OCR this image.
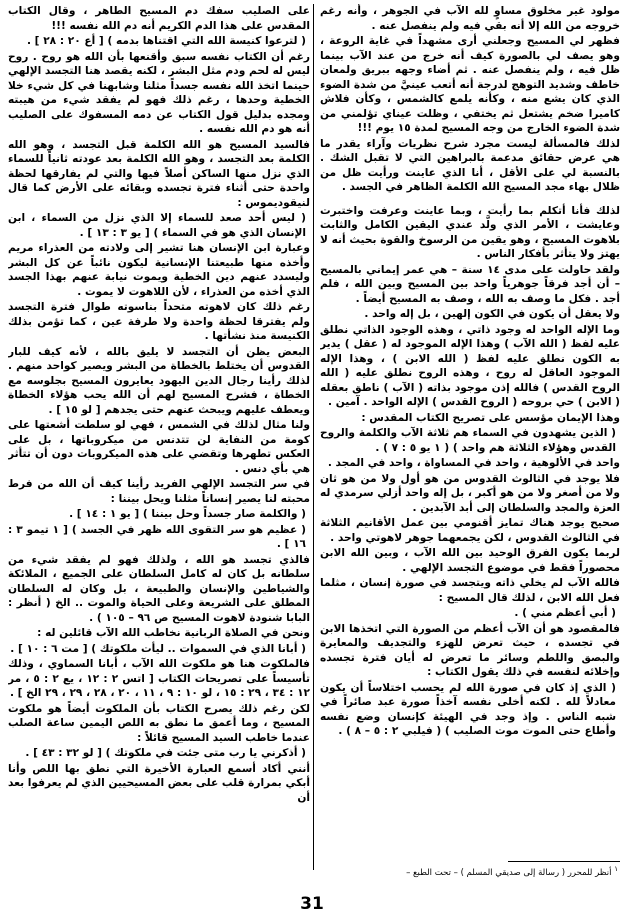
مولود غير مخلوق مساوٍ لله الآب في الجوهر ، وأنه رغم خروجه من الله إلا أنه بقي فيه ولم ينفصل عنه .

فظهر لي المسيح وجعلني أرى مشهداً في غاية الروعة ، وهو يصف لي بالصورة كيف أنه خرج من عند الآب بينما ظل فيه ، ولم ينفصل عنه . ثم أضاء وجهه ببريق ولمعان خاطف وشديد التوهج لدرجة أنه أتعب عينيَّ من شدة الضوء الذي كان يشع منه ، وكأنه يلمع كالشمس ، وكأن فلاش كاميرا ضخم يشتعل ثم يختفي ، وظلت عيناي تؤلمني من شدة الضوء الخارج من وجه المسيح لمدة ١٥ يوم !!!

لذلك فالمسألة ليست مجرد شرح نظريات وآراء يقدر ما هي عرض حقائق مدعمة بالبراهين التي لا تقبل الشك . بالنسبة لي على الأقل ، أنا الذي عاينت ورأيت ظل من ظلال بهاء مجد المسيح الله الكلمة الظاهر في الجسد .

لذلك فأنا أتكلم بما رأيت ، وبما عاينت وعرفت واختبرت وعايشت ، الأمر الذي ولَّد عندي اليقين الكامل والثابت بلاهوت المسيح ، وهو يقين من الرسوخ والقوة بحيث أنه لا يهتز ولا يتأثر بأفكار الناس .

ولقد حاولت على مدى ١٤ سنة – هي عمر إيماني بالمسيح – أن أجد فرقاً جوهرياً واحد بين المسيح وبين الله ، فلم أجد . فكل ما وصف به الله ، وصف به المسيح أيضاً .

ولا يعقل أن يكون في الكون إلهين ، بل إله واحد .

وما الإله الواحد له وجود ذاتي ، وهذه الوجود الذاتي نطلق عليه لفظ ( الله الآب ) وهذا الإله الموجود له ( عقل ) يدير به الكون نطلق عليه لفظ ( الله الابن ) ، وهذا الإله الموجود العاقل له روح ، وهذه الروح نطلق عليه ( الله الروح القدس ) فالله إذن موجود بذاته ( الآب ) ناطق بعقله ( الابن ) حي بروحه ( الروح القدس ) الإله الواحد . آمين .

وهذا الإيمان مؤسس على تصريح الكتاب المقدس :

( الذين يشهدون في السماء هم ثلاثة الآب والكلمة والروح القدس وهؤلاء الثلاثة هم واحد ) ( ١ يو ٥ : ٧ ) .

واحد في الألوهية ، واحد في المساواة ، واحد في المجد .

فلا يوجد في الثالوث القدوس من هو أول ولا من هو ثان ولا من أصغر ولا من هو أكبر ، بل إله واحد أزلي سرمدي له العزة والمجد والسلطان إلى أبد الآبدين .

صحيح يوجد هناك تمايز أقنومي بين عمل الأقانيم الثلاثة في الثالوث القدوس ، لكن يجمعهما جوهر لاهوتي واحد .

لربما يكون الفرق الوحيد بين الله الآب ، وبين الله الابن محصوراً فقط في موضوع التجسد الإلهي .

فالله الآب لم يخلي ذاته ويتجسد في صورة إنسان ، مثلما فعل الله الابن ، لذلك قال المسيح :

( أبي أعظم مني ) .

فالمقصود هو أن الآب أعظم من الصورة التي اتخذها الابن في تجسده ، حيث تعرض للهزء والتجديف والمعايرة والبصق واللطم وسائر ما تعرض له أيان فترة تجسده وإخلائه لنفسه في ذلك يقول الكتاب :

( الذي إذ كان في صورة الله لم يحسب اختلاساً أن يكون معادلاً لله . لكنه أخلى نفسه آخذاً صورة عبد صائراً في شبه الناس . وإذ وجد في الهيئة كإنسان وضع نفسه وأطاع حتى الموت موت الصليب ) ( فيلبي ٢ : ٥ – ٨ ) .

على الصليب سفك دم المسيح الطاهر ، وقال الكتاب المقدس على هذا الدم الكريم أنه دم الله نفسه !!!

( لترعوا كنيسة الله التي اقتناها بدمه ) [ أع ٢٠ : ٢٨ ] .

رغم أن الكتاب نفسه سبق وأقنعها بأن الله هو روح . روح ليس له لحم ودم مثل البشر ، لكنه يقصد هنا التجسد الإلهي حينما اتخذ الله نفسه جسداً مثلنا وشابهنا في كل شيء خلا الخطية وحدها ، رغم ذلك فهو لم يفقد شيء من هيبته ومجده بدليل قول الكتاب عن دمه المسفوك على الصليب أنه هو دم الله نفسه .

فالسيد المسيح هو الله الكلمة قبل التجسد ، وهو الله الكلمة بعد التجسد ، وهو الله الكلمة بعد عودته ثانياً للسماء الذي نزل منها الساكن أصلاً فيها والتي لم يفارقها لحظة واحدة حتى أثناء فترة تجسده وبقائه على الأرض كما قال لنيقوديموس :

( ليس أحد صعد للسماء إلا الذي نزل من السماء ، ابن الإنسان الذي هو في السماء ) [ يو ٣ : ١٣ ] .

وعبارة ابن الإنسان هنا تشير إلى ولادته من العذراء مريم وأخذه منها طبيعتنا الإنسانية ليكون نائباً عن كل البشر وليسدد عنهم دين الخطية ويموت نيابة عنهم بهذا الجسد الذي أخذه من العذراء ، لأن اللاهوت لا يموت .

رغم ذلك كان لاهوته متحداً بناسوته طوال فترة التجسد ولم يفترقا لحظة واحدة ولا طرفة عين ، كما تؤمن بذلك الكنيسة منذ نشأتها .

البعض يظن أن التجسد لا يليق بالله ، لأنه كيف للبار القدوس أن يختلط بالخطاة من البشر ويصير كواحد منهم . لذلك رأينا رجال الدين اليهود يعايرون المسيح بجلوسه مع الخطاة ، فشرح المسيح لهم أن الله يحب هؤلاء الخطاة ويعطف عليهم ويبحث عنهم حتى يجدهم [ لو ١٥ ] .

ولنا مثال لذلك في الشمس ، فهي لو سلطت أشعتها على كومة من النفاية لن تتدنس من ميكروباتها ، بل على العكس تطهرها وتقضي على هذه الميكروبات دون أن تتأثر هي بأي دنس .

في سر التجسد الإلهي الفريد رأينا كيف أن الله من فرط محبته لنا يصير إنساناً مثلنا ويحل بيننا :

( والكلمة صار جسداً وحل بيننا ) [ يو ١ : ١٤ ] .

( عظيم هو سر التقوى الله ظهر في الجسد ) [ ١ تيمو ٣ : ١٦ ] .

فالذي تجسد هو الله ، ولذلك فهو لم يفقد شيء من سلطانه بل كان له كامل السلطان على الجميع ، الملائكة والشياطين والإنسان والطبيعة ، بل وكان له السلطان المطلق على الشريعة وعلى الحياة والموت .. الخ ( أنظر : البابا شنودة لاهوت المسيح ص ٩٦ – ١٠٥ ) .

ونحن في الصلاة الربانية نخاطب الله الآب قائلين له :

( أبانا الذي في السموات .. ليأت ملكوتك ) [ مت ٦ : ١٠ ] .

فالملكوت هنا هو ملكوت الله الآب ، أبانا السماوي ، وذلك تأسيساً على تصريحات الكتاب [ اتس ٢ : ١٢ ، يع ٢ : ٥ ، مر ١٢ : ٣٤ ، ٢٩ : ١٥ ، لو ١٠ : ٩ ، ١١ ، ٢٠ ، ٢٨ ، ٢٩ ، ٢٩ الخ ] .

لكن رغم ذلك يصرح الكتاب بأن الملكوت أيضاً هو ملكوت المسيح ، وما أعمق ما نطق به اللص اليمين ساعة الصلب عندما خاطب السيد المسيح قائلاً :

( أذكرني يا رب متى جئت في ملكوتك ) [ لو ٣٢ : ٤٣ ] .

أنني أكاد أسمع العبارة الأخيرة التي نطق بها اللص وأنا أبكي بمرارة قلب على بعض المسيحيين الذي لم يعرفوا بعد أن

$^١$ أنظر للمحرر ( رسالة إلى صديقي المسلم ) – تحت الطبع –
31
